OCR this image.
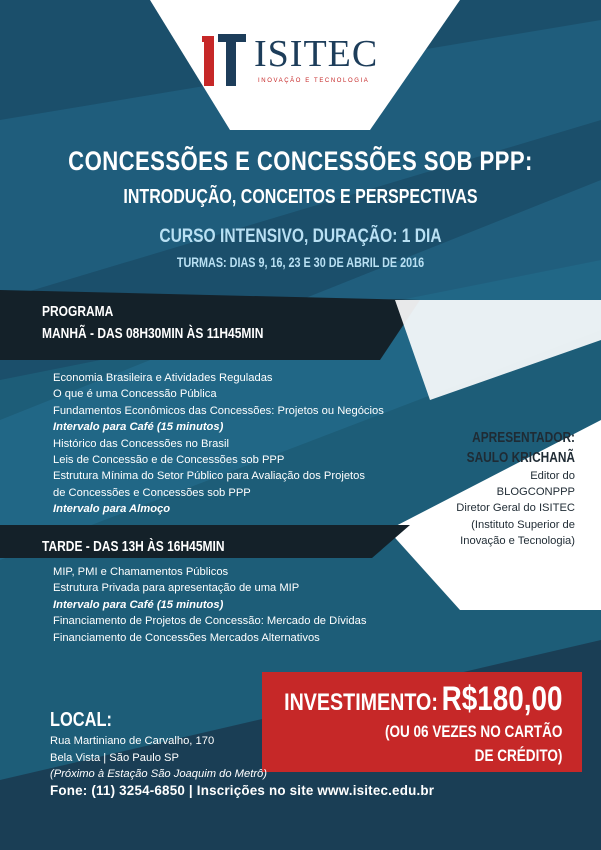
ISITEC
INOVAÇÃO E TECNOLOGIA
CONCESSÕES E CONCESSÕES SOB PPP:
INTRODUÇÃO, CONCEITOS E PERSPECTIVAS
CURSO INTENSIVO, DURAÇÃO: 1 DIA
TURMAS: DIAS 9, 16, 23 E 30 DE ABRIL DE 2016
PROGRAMA
MANHÃ - DAS 08H30MIN ÀS 11H45MIN
Economia Brasileira e Atividades Reguladas
O que é uma Concessão Pública
Fundamentos Econômicos das Concessões: Projetos ou Negócios
Intervalo para Café (15 minutos)
Histórico das Concessões no Brasil
Leis de Concessão e de Concessões sob PPP
Estrutura Mínima do Setor Público para Avaliação dos Projetos
de Concessões e Concessões sob PPP
Intervalo para Almoço
TARDE - DAS 13H ÀS 16H45MIN
MIP, PMI e Chamamentos Públicos
Estrutura Privada para apresentação de uma MIP
Intervalo para Café (15 minutos)
Financiamento de Projetos de Concessão: Mercado de Dívidas
Financiamento de Concessões Mercados Alternativos
APRESENTADOR:
SAULO KRICHANÃ
Editor do
BLOGCONPPP
Diretor Geral do ISITEC
(Instituto Superior de
Inovação e Tecnologia)
INVESTIMENTO: R$180,00
(OU 06 VEZES NO CARTÃO
DE CRÉDITO)
LOCAL:
Rua Martiniano de Carvalho, 170
Bela Vista | São Paulo SP
(Próximo à Estação São Joaquim do Metrô)
Fone: (11) 3254-6850 | Inscrições no site www.isitec.edu.br
